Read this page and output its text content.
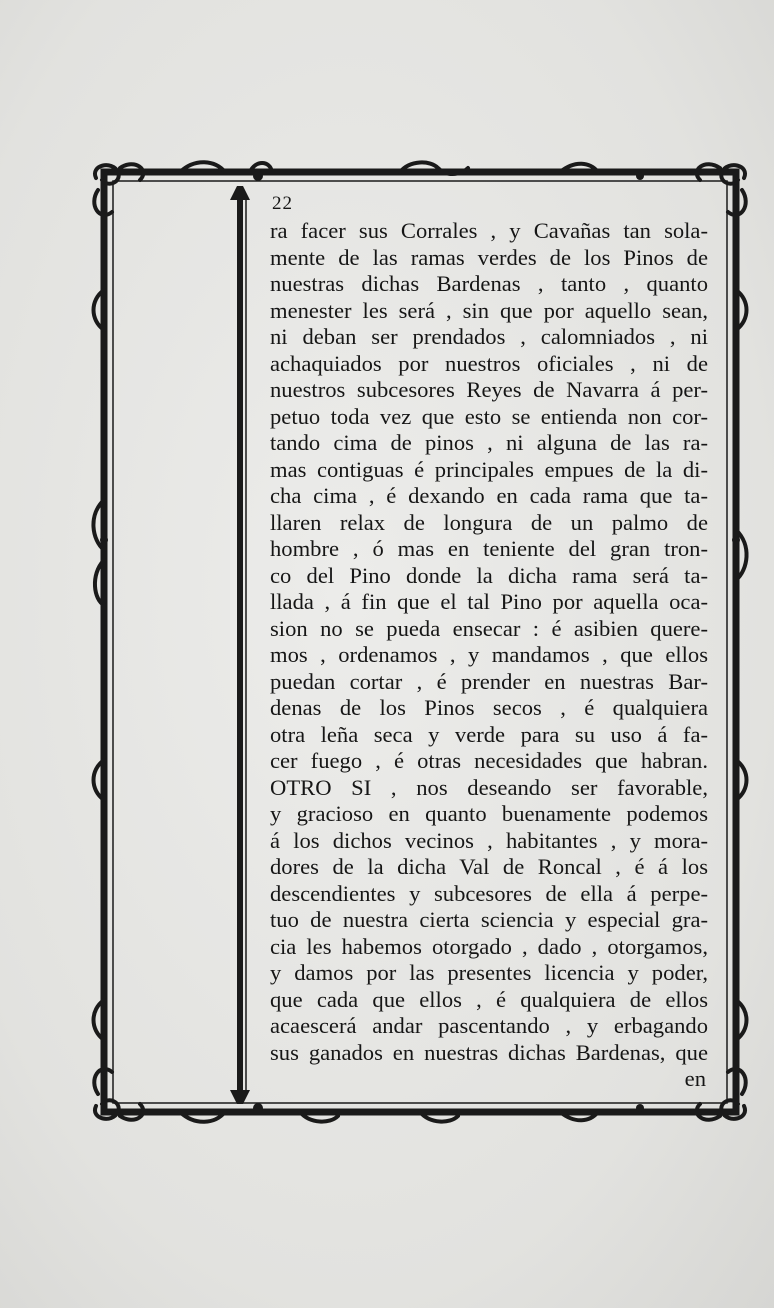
22
ra facer sus Corrales , y Cavañas tan sola-
mente de las ramas verdes de los Pinos de
nuestras dichas Bardenas , tanto , quanto
menester les será , sin que por aquello sean,
ni deban ser prendados , calomniados , ni
achaquiados por nuestros oficiales , ni de
nuestros subcesores Reyes de Navarra á per-
petuo toda vez que esto se entienda non cor-
tando cima de pinos , ni alguna de las ra-
mas contiguas é principales empues de la di-
cha cima , é dexando en cada rama que ta-
llaren relax de longura de un palmo de
hombre , ó mas en teniente del gran tron-
co del Pino donde la dicha rama será ta-
llada , á fin que el tal Pino por aquella oca-
sion no se pueda ensecar : é asibien quere-
mos , ordenamos , y mandamos , que ellos
puedan cortar , é prender en nuestras Bar-
denas de los Pinos secos , é qualquiera
otra leña seca y verde para su uso á fa-
cer fuego , é otras necesidades que habran.
OTRO SI , nos deseando ser favorable,
y gracioso en quanto buenamente podemos
á los dichos vecinos , habitantes , y mora-
dores de la dicha Val de Roncal , é á los
descendientes y subcesores de ella á perpe-
tuo de nuestra cierta sciencia y especial gra-
cia les habemos otorgado , dado , otorgamos,
y damos por las presentes licencia y poder,
que cada que ellos , é qualquiera de ellos
acaescerá andar pascentando , y erbagando
sus ganados en nuestras dichas Bardenas, que
en
